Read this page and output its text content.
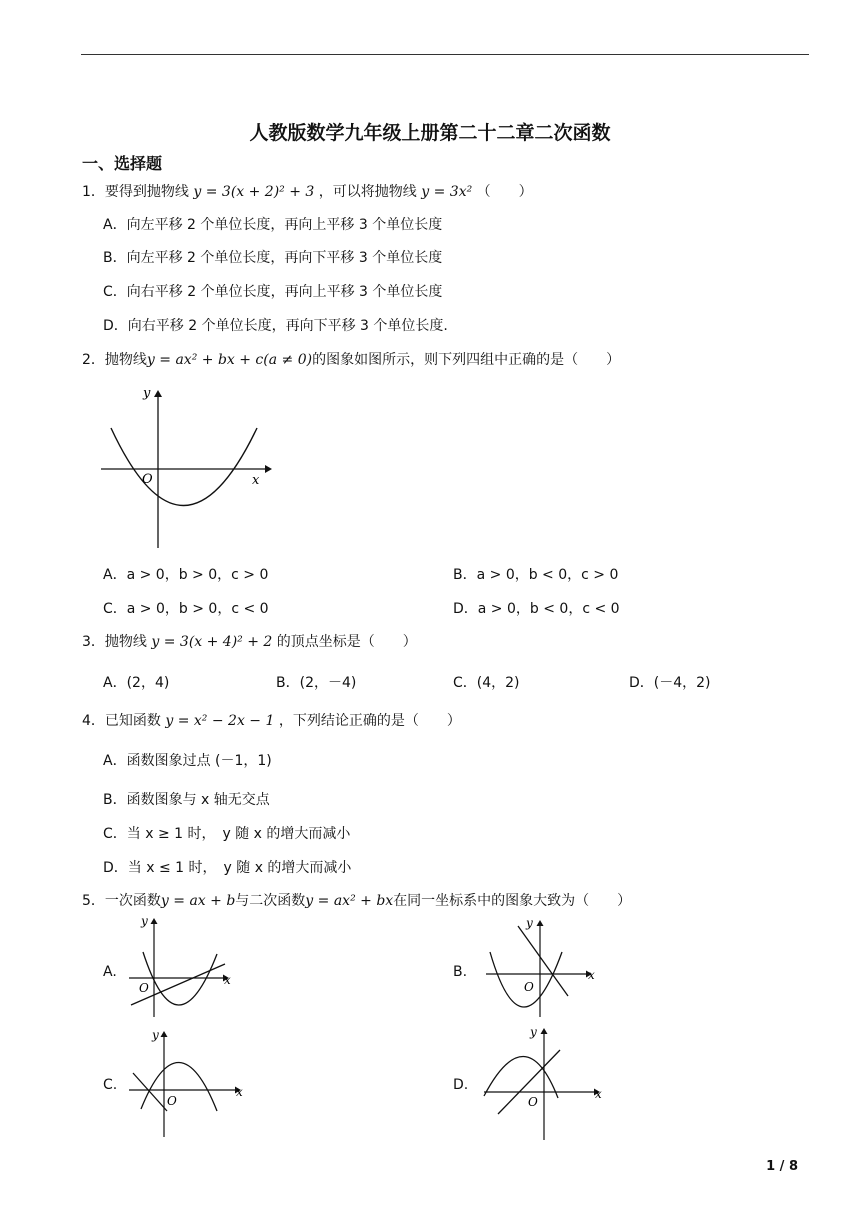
人教版数学九年级上册第二十二章二次函数
一、选择题
1．要得到抛物线 y = 3(x + 2)² + 3 ，可以将抛物线 y = 3x² （　　）
A．向左平移 2 个单位长度，再向上平移 3 个单位长度
B．向左平移 2 个单位长度，再向下平移 3 个单位长度
C．向右平移 2 个单位长度，再向上平移 3 个单位长度
D．向右平移 2 个单位长度，再向下平移 3 个单位长度.
2．抛物线y = ax² + bx + c(a ≠ 0)的图象如图所示，则下列四组中正确的是（　　）
y
x
O
A．a > 0，b > 0，c > 0	B．a > 0，b < 0，c > 0
C．a > 0，b > 0，c < 0	D．a > 0，b < 0，c < 0
3．抛物线 y = 3(x + 4)² + 2 的顶点坐标是（　　）
A．(2，4)	B．(2，－4)	C．(4，2)	D．(－4，2)
4．已知函数 y = x² − 2x − 1 ，下列结论正确的是（　　）
A．函数图象过点 (－1，1)
B．函数图象与 x 轴无交点
C．当 x ≥ 1 时，　y 随 x 的增大而减小
D．当 x ≤ 1 时，　y 随 x 的增大而减小
5．一次函数y = ax + b与二次函数y = ax² + bx在同一坐标系中的图象大致为（　　）
A.
y
x
O
B.
y
x
O
C.
y
x
O
D.
y
x
O
1 / 8
